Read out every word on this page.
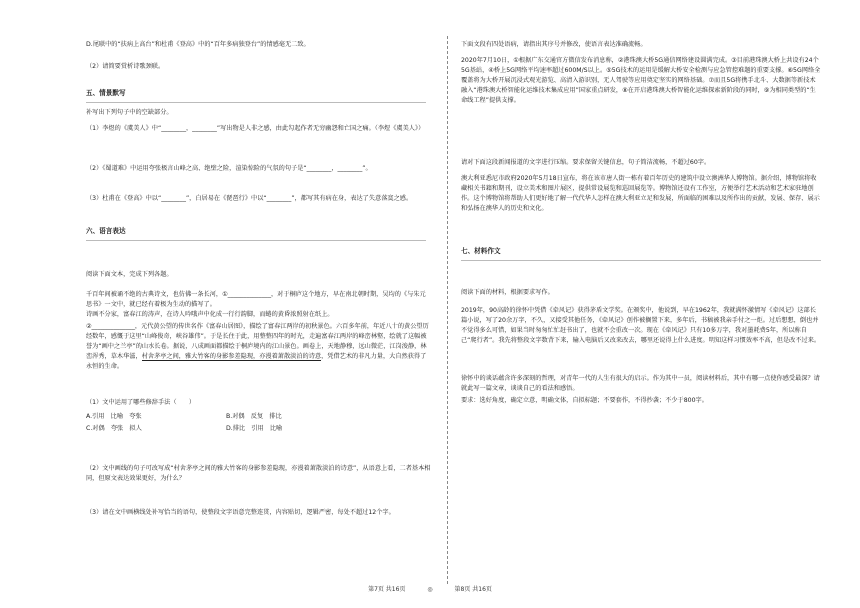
D.尾联中的“扶病上高台”和杜甫《登高》中的“百年多病独登台”的情感毫无二致。
（2）请简要赏析诗歌颈联。
五、情景默写
补写出下列句子中的空缺部分。
（1）李煜的《虞美人》中“________，________”写出物是人非之感，由此勾起作者无穷幽怨和亡国之痛。（李煜《虞美人》）
（2）《蜀道难》中运用夸张极言山峰之高、绝壁之险，渲染惊险的气氛的句子是“________，________”。
（3）杜甫在《登高》中以“________”，白居易在《琵琶行》中以“________”，都写其有病在身，表达了失意落寞之感。
六、语言表达
阅读下面文本，完成下列各题。
千百年间被诵不绝的古典诗文，也仿佛一条长河，①______________，对于桐庐这个地方，早在南北朝时期，吴均的《与朱元思书》一文中，就已经有着极为生动的描写了。
诗画不分家，富春江的涛声，在诗人吟哦声中化成一行行韵脚，而蜷的黄昏浓照射在纸上。
②______________，元代黄公望的传世名作《富春山居图》，描绘了富春江两岸的初秋景色。六百多年前，年近八十的黄公望历经数年，感慨于这里“山峰俊奇，峡谷雄伟”。于是长住于此，用整整四年的时光，走遍富春江两岸的峰峦林壑，绘就了这幅被誉为“画中之兰亭”的山水长卷。据说，八成画面都描绘于桐庐境内的江山景色。画卷上，天地静穆，远山微茫，江岗浚静，林峦浑秀，草木华滋，村舍茅亭之间，雅大竹客的身影参差隐现，亦漫着萧散淡泊的诗意，凭借艺术的非凡力量，大自然获得了永恒的生命。
（1）文中运用了哪些修辞手法（　　）
A.引用　比喻　夸张	B.对偶　反复　排比
C.对偶　夸张　拟人	D.排比　引用　比喻
（2）文中画线的句子可改写成“村舍茅亭之间的雅大竹客的身影参差隐现，亦漫着萧散淡泊的诗意”，从语意上看，二者基本相同，但原文表达效果更好，为什么？
（3）请在文中画横线处补写恰当的语句，使整段文字语意完整连贯，内容贴切，逻辑严密，每处不超过12个字。
下面文段有四处语病，请指出其序号并修改，使语言表达准确流畅。
2020年7月10日，①根据广东交通官方微信发布消息称，②港珠澳大桥5G通信网络建设圆满完成。③目前港珠澳大桥上共设有24个5G基站，④桥上5G网络平均速率超过600M/S以上。⑤5G技术的运用是缓解大桥安全检测与应急管控难题的重要支撑。⑥5G网络全覆盖将为大桥开展沉浸式观光游览、高清入游识别，无人驾驶等应用奠定坚实的网络基础。⑦而且5G将携手北斗、大数据等新技术融入“港珠澳大桥智能化运维技术集成应用”国家重点研发，⑧在开启港珠澳大桥智能化运维探索新阶段的同时，⑨为相同类型的“生命线工程”提供支撑。
请对下面这段新闻报道的文字进行压缩。要求保留关键信息，句子简洁流畅，不超过60字。
澳大利亚悉尼市政府2020年5月18日宣布，将在该市唐人街一栋有着百年历史的建筑中设立澳洲华人博物馆。据介绍，博物馆将收藏相关书籍和期刊，设立美术和图片展区，提供常设展览和巡回展览等。博物馆还设有工作室，方便举行艺术活动和艺术家驻地创作。这个博物馆将帮助人们更好地了解一代代华人怎样在澳大利亚立足和发展，所面临的困难以及所作出的贡献，发展、保存、展示和弘扬在澳华人的历史和文化。
七、材料作文
阅读下面的材料，根据要求写作。
2019年，90高龄的徐怀中凭借《牵风记》获得茅盾文学奖。在颁奖中，他说到，早在1962年，我就满怀激情写《牵风记》这部长篇小说，写了20余万字，不久，又接受其他任务，《牵风记》创作被搁置下来，多年后，书稿被我亲手付之一炬。过后想想，倒也并不觉得多么可惜，如果当时匆匆忙忙赶书出了，也就不会重改一次。现在《牵风记》只有10多万字，我对墨耗费5年，所以称自己“爬行者”。我先将整段文字数背下来，输入电脑后又改来改去，哪里还说得上什么进度。明知这样习惯效率不高，但是改不过来。
徐怀中的谈话蕴含许多深刻的哲理，对青年一代的人生有很大的启示。作为其中一员，阅读材料后，其中有哪一点使你感受最深？请就此写一篇文章，谈谈自己的看法和感悟。
要求：选好角度，确定立意，明确文体，自拟标题；不要套作，不得抄袭；不少于800字。
第7页 共16页	◎	第8页 共16页
